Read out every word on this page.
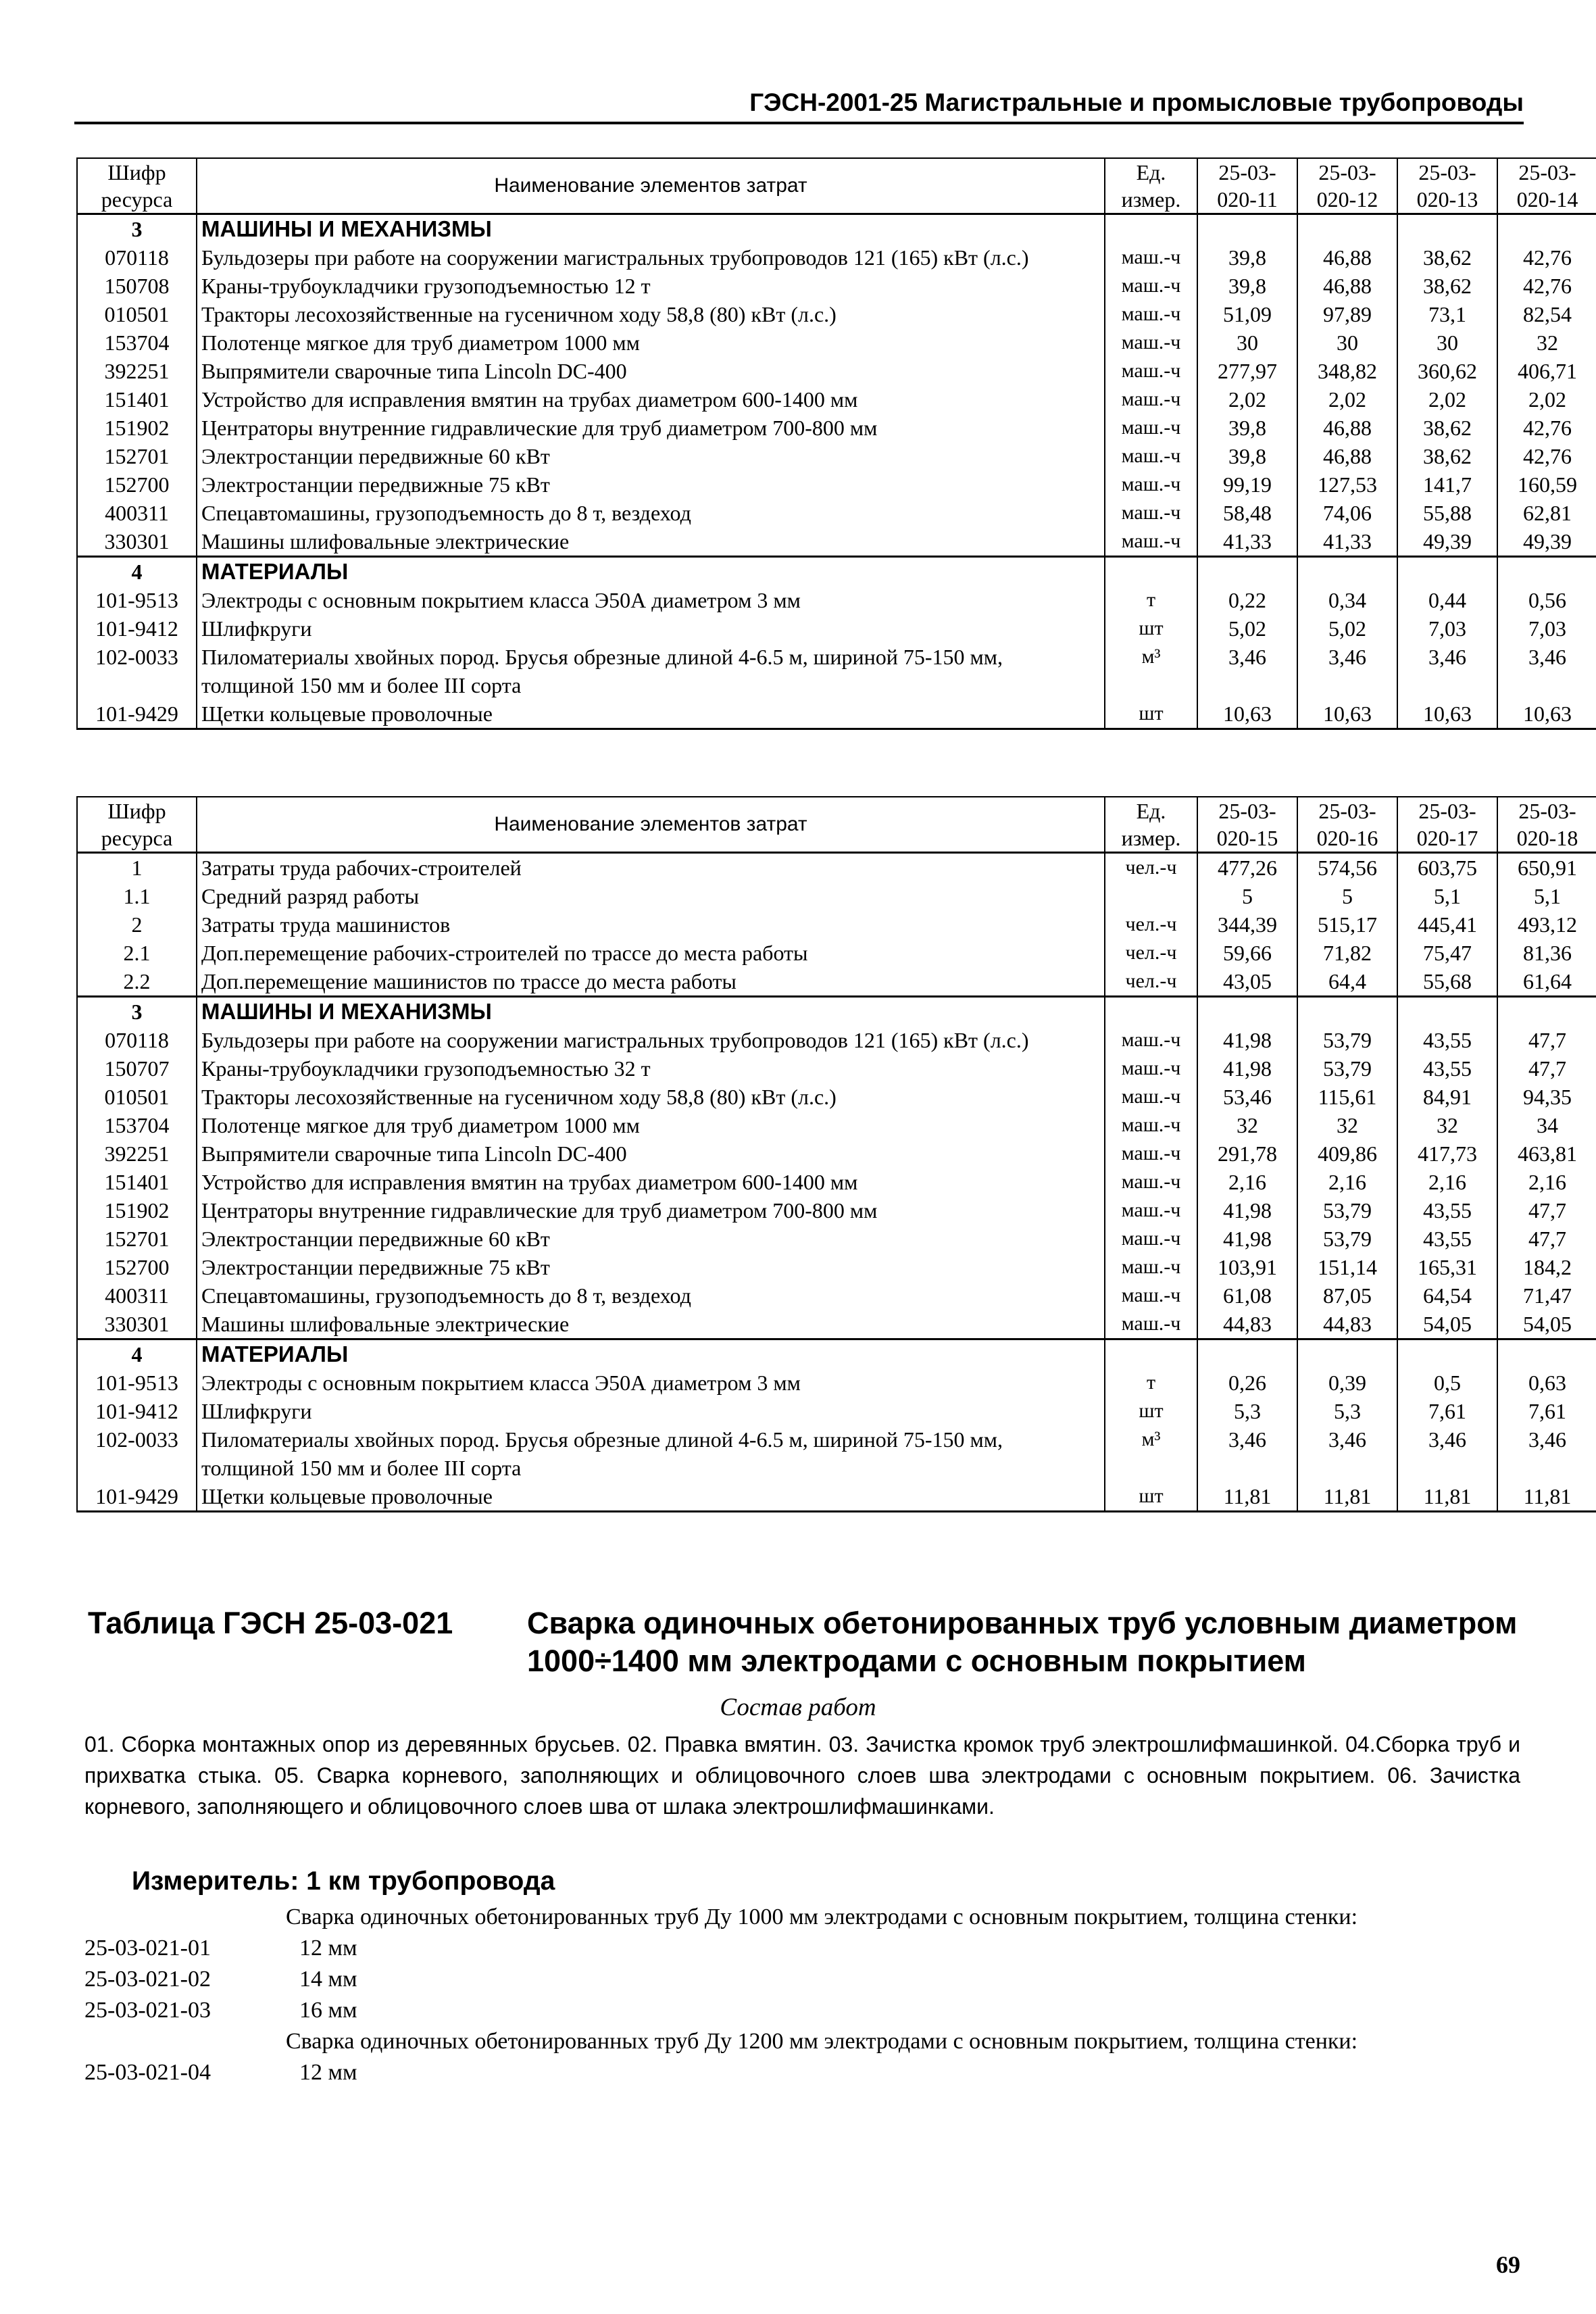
ГЭСН-2001-25 Магистральные и промысловые трубопроводы
Шифр ресурса	Наименование элементов затрат	Ед. измер.	25-03-020-11	25-03-020-12	25-03-020-13	25-03-020-14
3	МАШИНЫ И МЕХАНИЗМЫ					
070118	Бульдозеры при работе на сооружении магистральных трубопроводов 121 (165) кВт (л.с.)	маш.-ч	39,8	46,88	38,62	42,76
150708	Краны-трубоукладчики грузоподъемностью 12 т	маш.-ч	39,8	46,88	38,62	42,76
010501	Тракторы лесохозяйственные на гусеничном ходу 58,8 (80) кВт (л.с.)	маш.-ч	51,09	97,89	73,1	82,54
153704	Полотенце мягкое для труб диаметром 1000 мм	маш.-ч	30	30	30	32
392251	Выпрямители сварочные типа Lincoln DC-400	маш.-ч	277,97	348,82	360,62	406,71
151401	Устройство для исправления вмятин на трубах диаметром 600-1400 мм	маш.-ч	2,02	2,02	2,02	2,02
151902	Центраторы внутренние гидравлические для труб диаметром 700-800 мм	маш.-ч	39,8	46,88	38,62	42,76
152701	Электростанции передвижные 60 кВт	маш.-ч	39,8	46,88	38,62	42,76
152700	Электростанции передвижные 75 кВт	маш.-ч	99,19	127,53	141,7	160,59
400311	Спецавтомашины, грузоподъемность до 8 т, вездеход	маш.-ч	58,48	74,06	55,88	62,81
330301	Машины шлифовальные электрические	маш.-ч	41,33	41,33	49,39	49,39
4	МАТЕРИАЛЫ					
101-9513	Электроды с основным покрытием класса Э50А диаметром 3 мм	т	0,22	0,34	0,44	0,56
101-9412	Шлифкруги	шт	5,02	5,02	7,03	7,03
102-0033	Пиломатериалы хвойных пород. Брусья обрезные длиной 4-6.5 м, шириной 75-150 мм, толщиной 150 мм и более III сорта	м³	3,46	3,46	3,46	3,46
101-9429	Щетки кольцевые проволочные	шт	10,63	10,63	10,63	10,63
Шифр ресурса	Наименование элементов затрат	Ед. измер.	25-03-020-15	25-03-020-16	25-03-020-17	25-03-020-18
1	Затраты труда рабочих-строителей	чел.-ч	477,26	574,56	603,75	650,91
1.1	Средний разряд работы		5	5	5,1	5,1
2	Затраты труда машинистов	чел.-ч	344,39	515,17	445,41	493,12
2.1	Доп.перемещение рабочих-строителей по трассе до места работы	чел.-ч	59,66	71,82	75,47	81,36
2.2	Доп.перемещение машинистов по трассе до места работы	чел.-ч	43,05	64,4	55,68	61,64
3	МАШИНЫ И МЕХАНИЗМЫ					
070118	Бульдозеры при работе на сооружении магистральных трубопроводов 121 (165) кВт (л.с.)	маш.-ч	41,98	53,79	43,55	47,7
150707	Краны-трубоукладчики грузоподъемностью 32 т	маш.-ч	41,98	53,79	43,55	47,7
010501	Тракторы лесохозяйственные на гусеничном ходу 58,8 (80) кВт (л.с.)	маш.-ч	53,46	115,61	84,91	94,35
153704	Полотенце мягкое для труб диаметром 1000 мм	маш.-ч	32	32	32	34
392251	Выпрямители сварочные типа Lincoln DC-400	маш.-ч	291,78	409,86	417,73	463,81
151401	Устройство для исправления вмятин на трубах диаметром 600-1400 мм	маш.-ч	2,16	2,16	2,16	2,16
151902	Центраторы внутренние гидравлические для труб диаметром 700-800 мм	маш.-ч	41,98	53,79	43,55	47,7
152701	Электростанции передвижные 60 кВт	маш.-ч	41,98	53,79	43,55	47,7
152700	Электростанции передвижные 75 кВт	маш.-ч	103,91	151,14	165,31	184,2
400311	Спецавтомашины, грузоподъемность до 8 т, вездеход	маш.-ч	61,08	87,05	64,54	71,47
330301	Машины шлифовальные электрические	маш.-ч	44,83	44,83	54,05	54,05
4	МАТЕРИАЛЫ					
101-9513	Электроды с основным покрытием класса Э50А диаметром 3 мм	т	0,26	0,39	0,5	0,63
101-9412	Шлифкруги	шт	5,3	5,3	7,61	7,61
102-0033	Пиломатериалы хвойных пород. Брусья обрезные длиной 4-6.5 м, шириной 75-150 мм, толщиной 150 мм и более III сорта	м³	3,46	3,46	3,46	3,46
101-9429	Щетки кольцевые проволочные	шт	11,81	11,81	11,81	11,81
Таблица ГЭСН 25-03-021 Сварка одиночных обетонированных труб условным диаметром 1000÷1400 мм электродами с основным покрытием
Состав работ
01. Сборка монтажных опор из деревянных брусьев. 02. Правка вмятин. 03. Зачистка кромок труб электрошлифмашинкой. 04.Сборка труб и прихватка стыка. 05. Сварка корневого, заполняющих и облицовочного слоев шва электродами с основным покрытием. 06. Зачистка корневого, заполняющего и облицовочного слоев шва от шлака электрошлифмашинками.
Измеритель: 1 км трубопровода
Сварка одиночных обетонированных труб Ду 1000 мм электродами с основным покрытием, толщина стенки:
25-03-021-01	12 мм
25-03-021-02	14 мм
25-03-021-03	16 мм
Сварка одиночных обетонированных труб Ду 1200 мм электродами с основным покрытием, толщина стенки:
25-03-021-04	12 мм
69
